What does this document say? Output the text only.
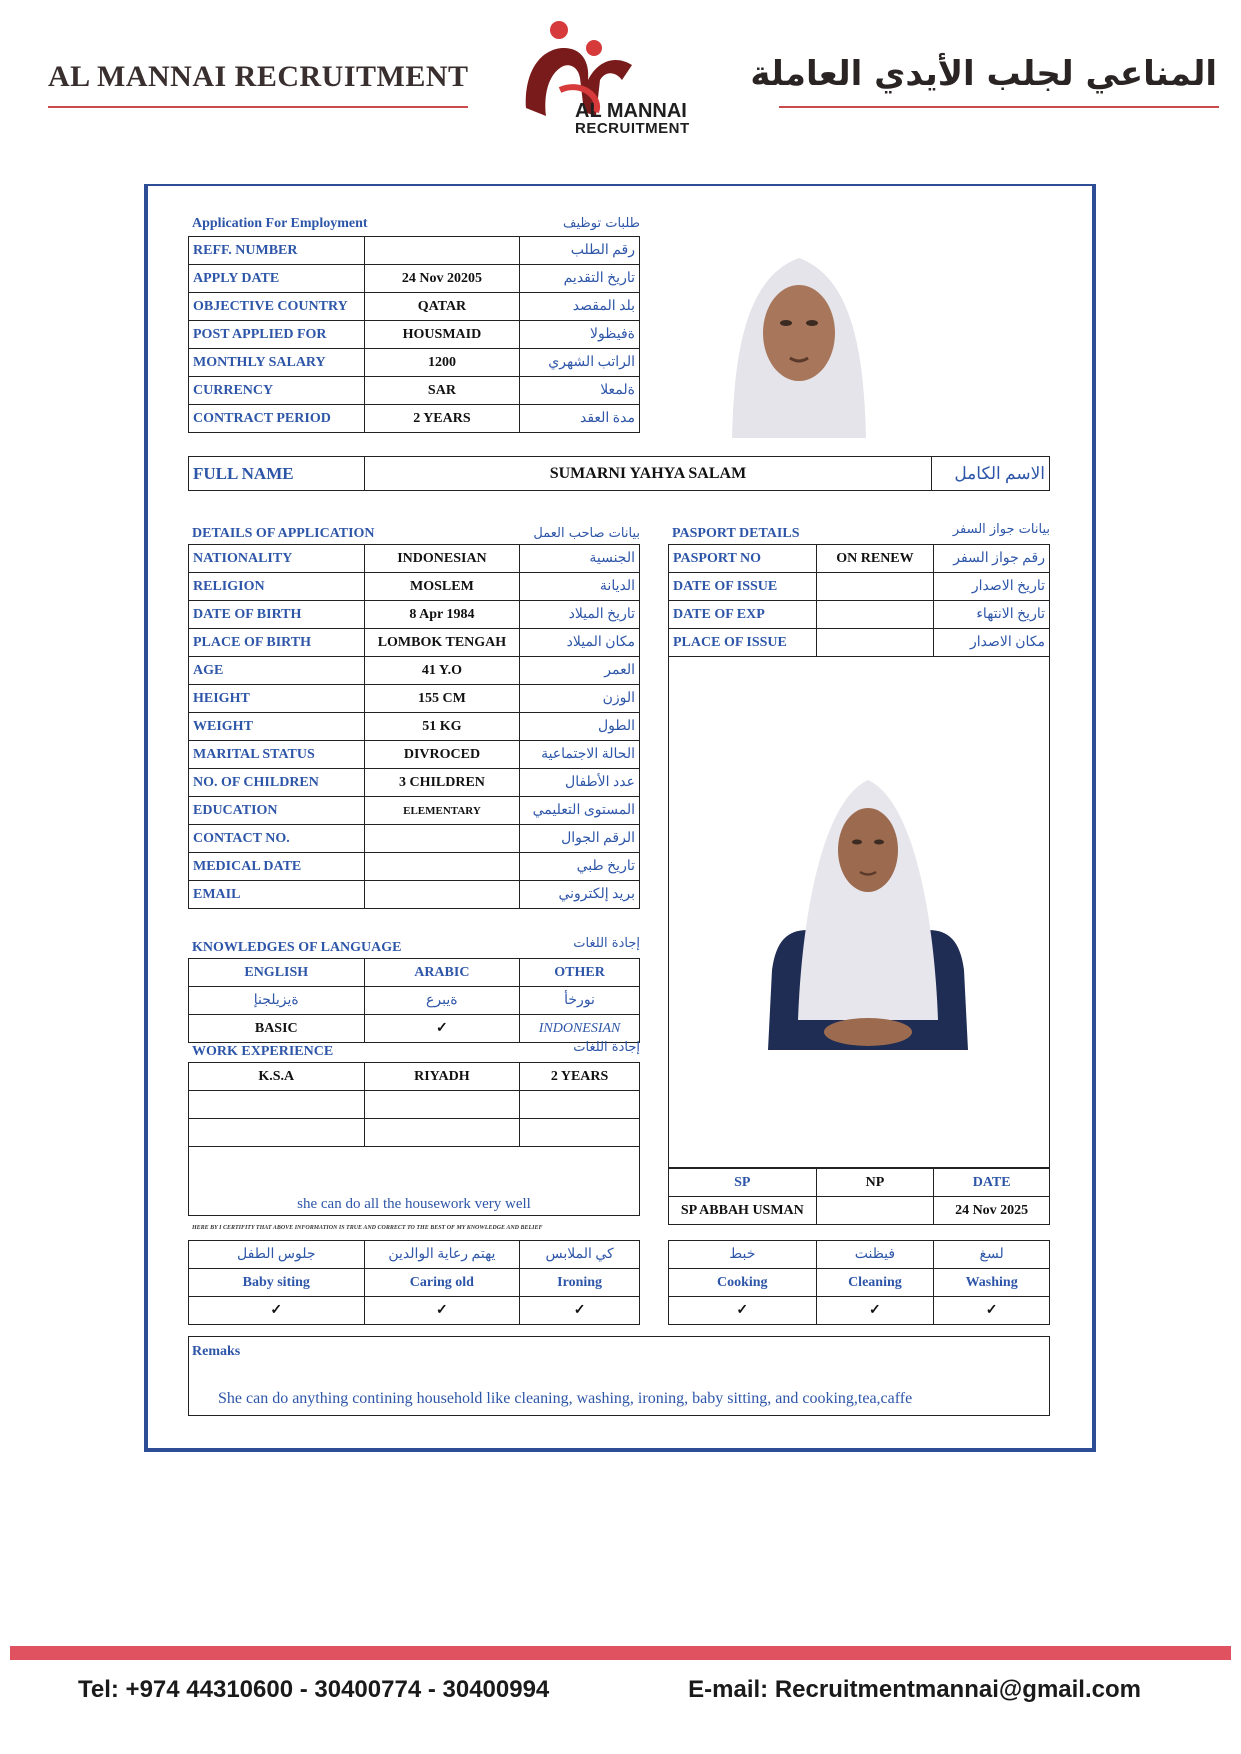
AL MANNAI RECRUITMENT
AL MANNAI
RECRUITMENT
المناعي لجلب الأيدي العاملة
Application For Employment	طلبات توظيف
REFF. NUMBER		رقم الطلب
APPLY DATE	24 Nov 20205	تاريخ التقديم
OBJECTIVE COUNTRY	QATAR	بلد المقصد
POST APPLIED FOR	HOUSMAID	ةفيظولا
MONTHLY SALARY	1200	الراتب الشهري
CURRENCY	SAR	ةلمعلا
CONTRACT PERIOD	2 YEARS	مدة العقد
FULL NAME	SUMARNI YAHYA SALAM	الاسم الكامل
DETAILS OF APPLICATION	بيانات صاحب العمل
NATIONALITY	INDONESIAN	الجنسية
RELIGION	MOSLEM	الديانة
DATE OF BIRTH	8 Apr 1984	تاريخ الميلاد
PLACE OF BIRTH	LOMBOK TENGAH	مكان الميلاد
AGE	41 Y.O	العمر
HEIGHT	155 CM	الوزن
WEIGHT	51 KG	الطول
MARITAL STATUS	DIVROCED	الحالة الاجتماعية
NO. OF CHILDREN	3 CHILDREN	عدد الأطفال
EDUCATION	ELEMENTARY	المستوى التعليمي
CONTACT NO.		الرقم الجوال
MEDICAL DATE		تاريخ طبي
EMAIL		بريد إلكتروني
PASPORT DETAILS	بيانات جواز السفر
PASPORT NO	ON RENEW	رقم جواز السفر
DATE OF ISSUE		تاريخ الاصدار
DATE OF EXP		تاريخ الانتهاء
PLACE OF ISSUE		مكان الاصدار
SP	NP	DATE
SP ABBAH USMAN		24 Nov 2025
KNOWLEDGES OF LANGUAGE	إجادة اللغات
ENGLISH	ARABIC	OTHER
ةيزيلجنإ	ةيبرع	نورخأ
BASIC	✓	INDONESIAN
WORK EXPERIENCE	إجادة اللغات
K.S.A	RIYADH	2 YEARS

she can do all the housework very well
HERE BY I CERTIFITY THAT ABOVE INFORMATION IS TRUE AND CORRECT TO THE BEST OF MY KNOWLEDGE AND BELIEF
جلوس الطفل	يهتم رعاية الوالدين	كي الملابس
Baby siting	Caring old	Ironing
✓	✓	✓
خبط	فيظنت	لسغ
Cooking	Cleaning	Washing
✓	✓	✓
Remaks
She can do anything contining household like cleaning, washing, ironing, baby sitting, and cooking,tea,caffe
Tel: +974 44310600 - 30400774 - 30400994	E-mail: Recruitmentmannai@gmail.com
